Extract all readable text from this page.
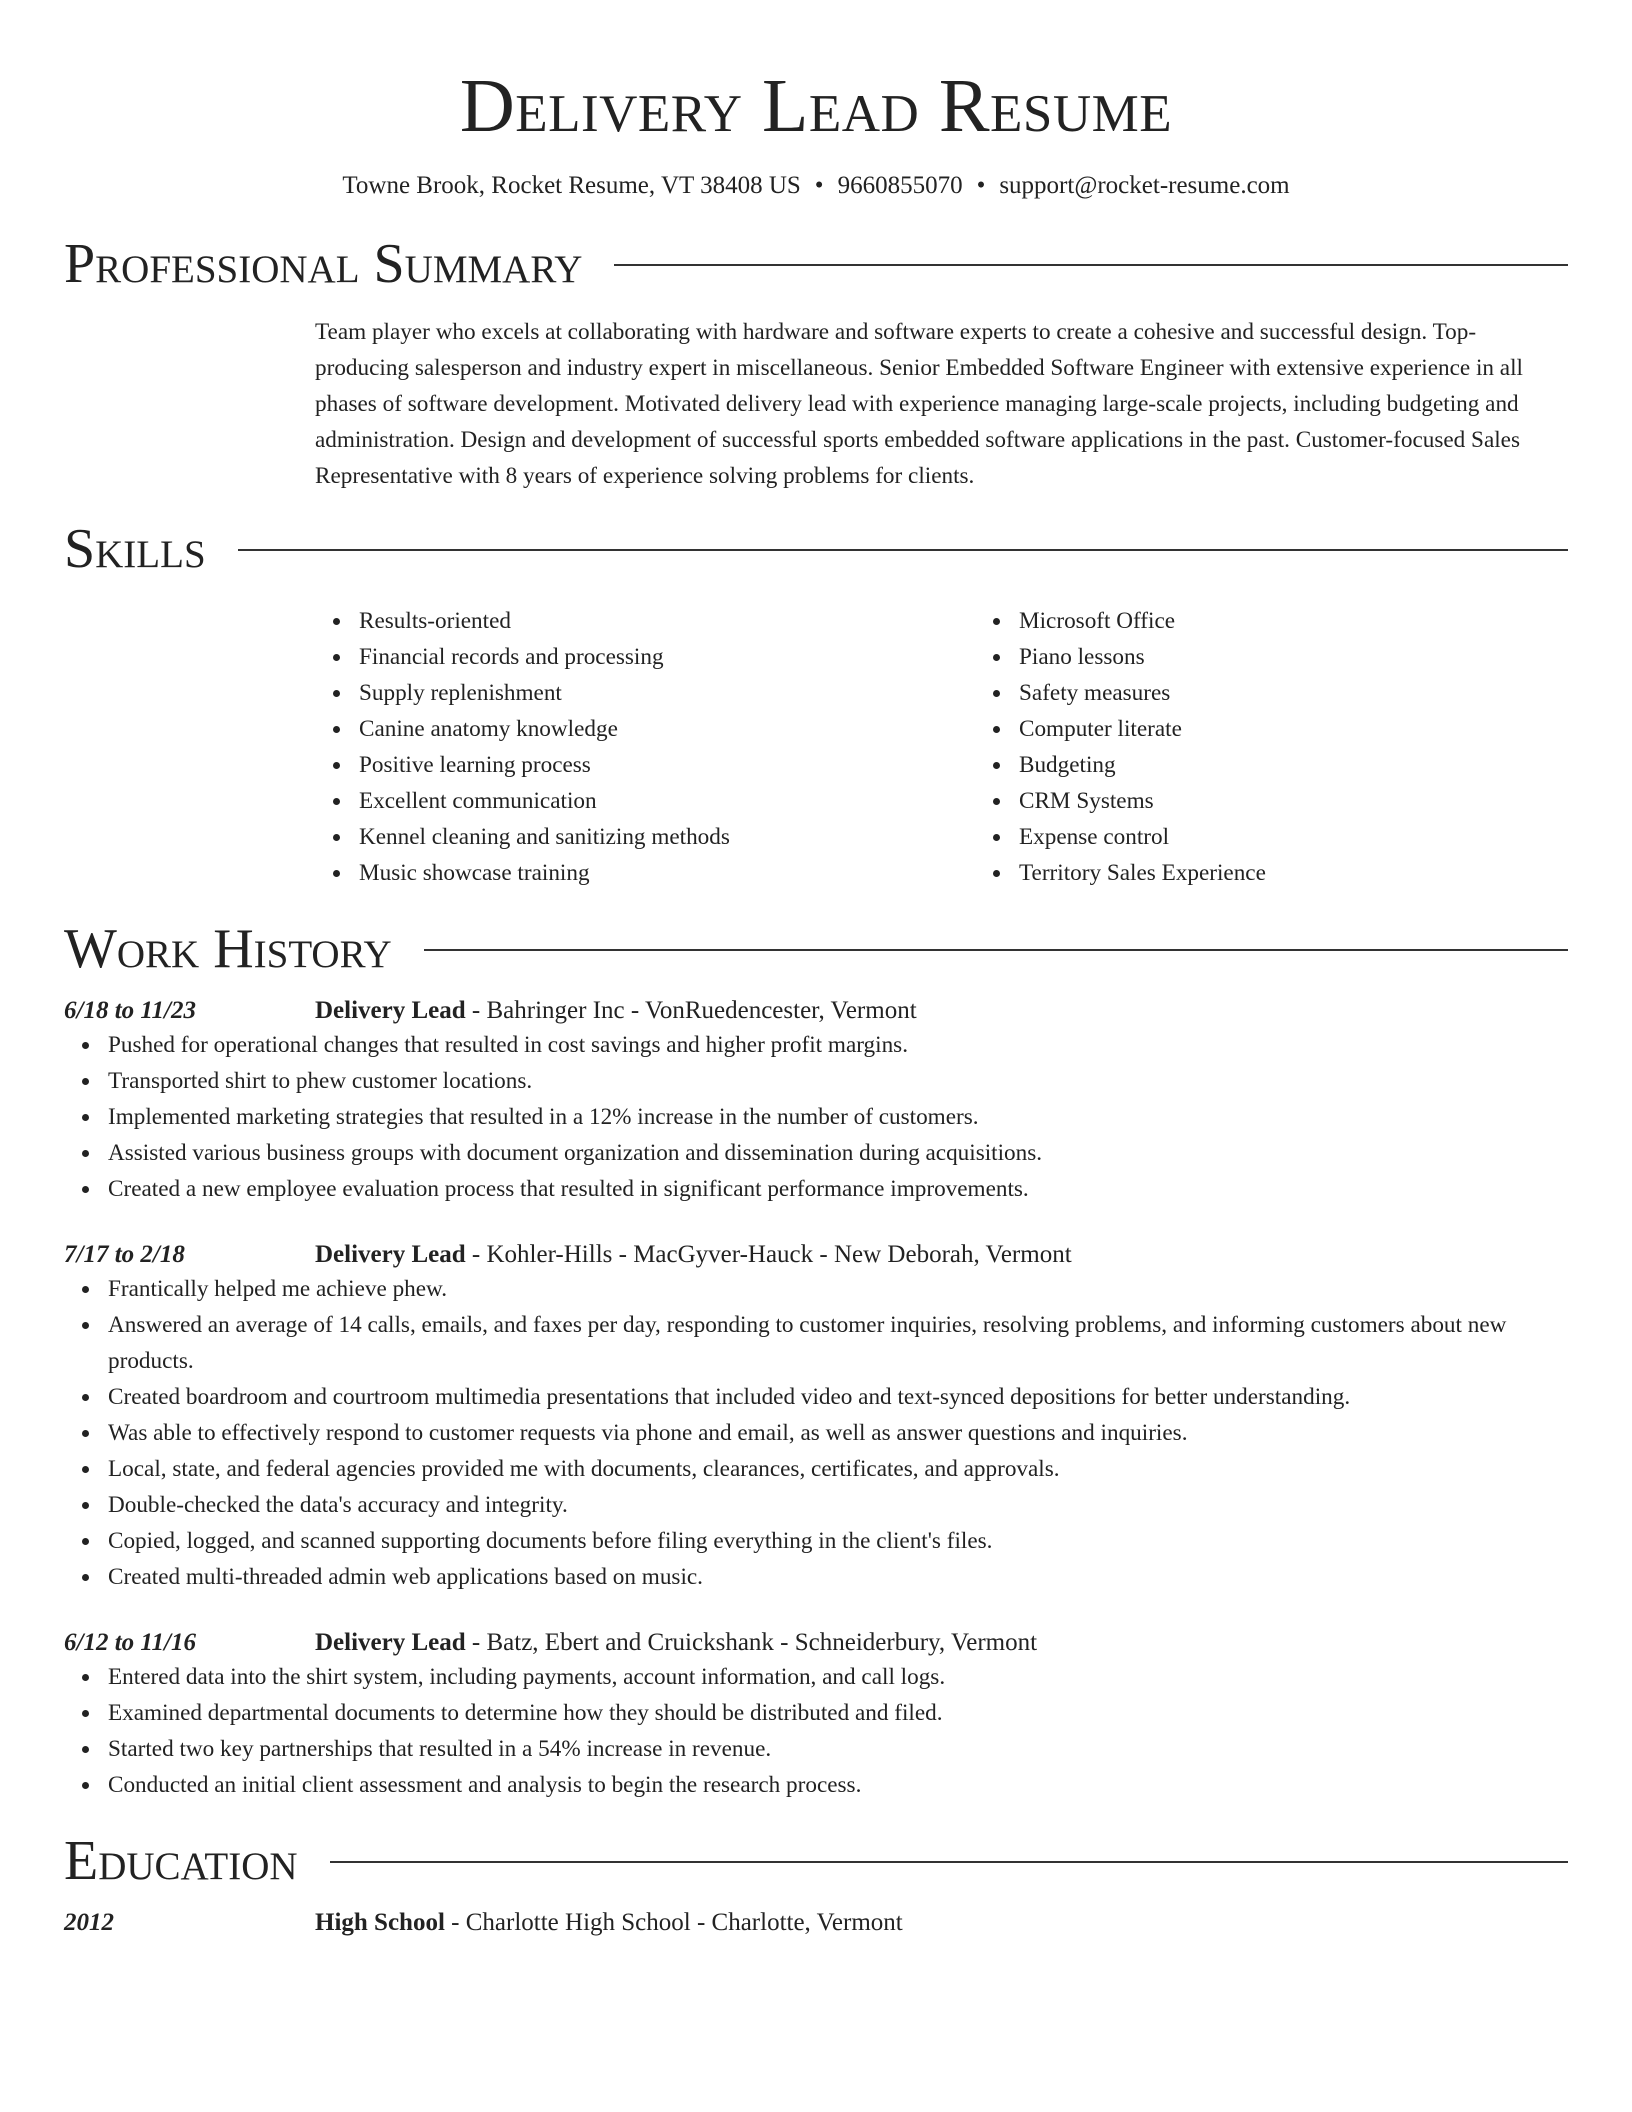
Delivery Lead Resume
Towne Brook, Rocket Resume, VT 38408 US • 9660855070 • support@rocket-resume.com
Professional Summary

Team player who excels at collaborating with hardware and software experts to create a cohesive and successful design. Top-producing salesperson and industry expert in miscellaneous. Senior Embedded Software Engineer with extensive experience in all phases of software development. Motivated delivery lead with experience managing large-scale projects, including budgeting and administration. Design and development of successful sports embedded software applications in the past. Customer-focused Sales Representative with 8 years of experience solving problems for clients.

Skills
Results-oriented
Financial records and processing
Supply replenishment
Canine anatomy knowledge
Positive learning process
Excellent communication
Kennel cleaning and sanitizing methods
Music showcase training
Microsoft Office
Piano lessons
Safety measures
Computer literate
Budgeting
CRM Systems
Expense control
Territory Sales Experience
Work History
6/18 to 11/23	Delivery Lead - Bahringer Inc - VonRuedencester, Vermont
Pushed for operational changes that resulted in cost savings and higher profit margins.
Transported shirt to phew customer locations.
Implemented marketing strategies that resulted in a 12% increase in the number of customers.
Assisted various business groups with document organization and dissemination during acquisitions.
Created a new employee evaluation process that resulted in significant performance improvements.
7/17 to 2/18	Delivery Lead - Kohler-Hills - MacGyver-Hauck - New Deborah, Vermont
Frantically helped me achieve phew.
Answered an average of 14 calls, emails, and faxes per day, responding to customer inquiries, resolving problems, and informing customers about new products.
Created boardroom and courtroom multimedia presentations that included video and text-synced depositions for better understanding.
Was able to effectively respond to customer requests via phone and email, as well as answer questions and inquiries.
Local, state, and federal agencies provided me with documents, clearances, certificates, and approvals.
Double-checked the data's accuracy and integrity.
Copied, logged, and scanned supporting documents before filing everything in the client's files.
Created multi-threaded admin web applications based on music.
6/12 to 11/16	Delivery Lead - Batz, Ebert and Cruickshank - Schneiderbury, Vermont
Entered data into the shirt system, including payments, account information, and call logs.
Examined departmental documents to determine how they should be distributed and filed.
Started two key partnerships that resulted in a 54% increase in revenue.
Conducted an initial client assessment and analysis to begin the research process.
Education
2012	High School - Charlotte High School - Charlotte, Vermont
